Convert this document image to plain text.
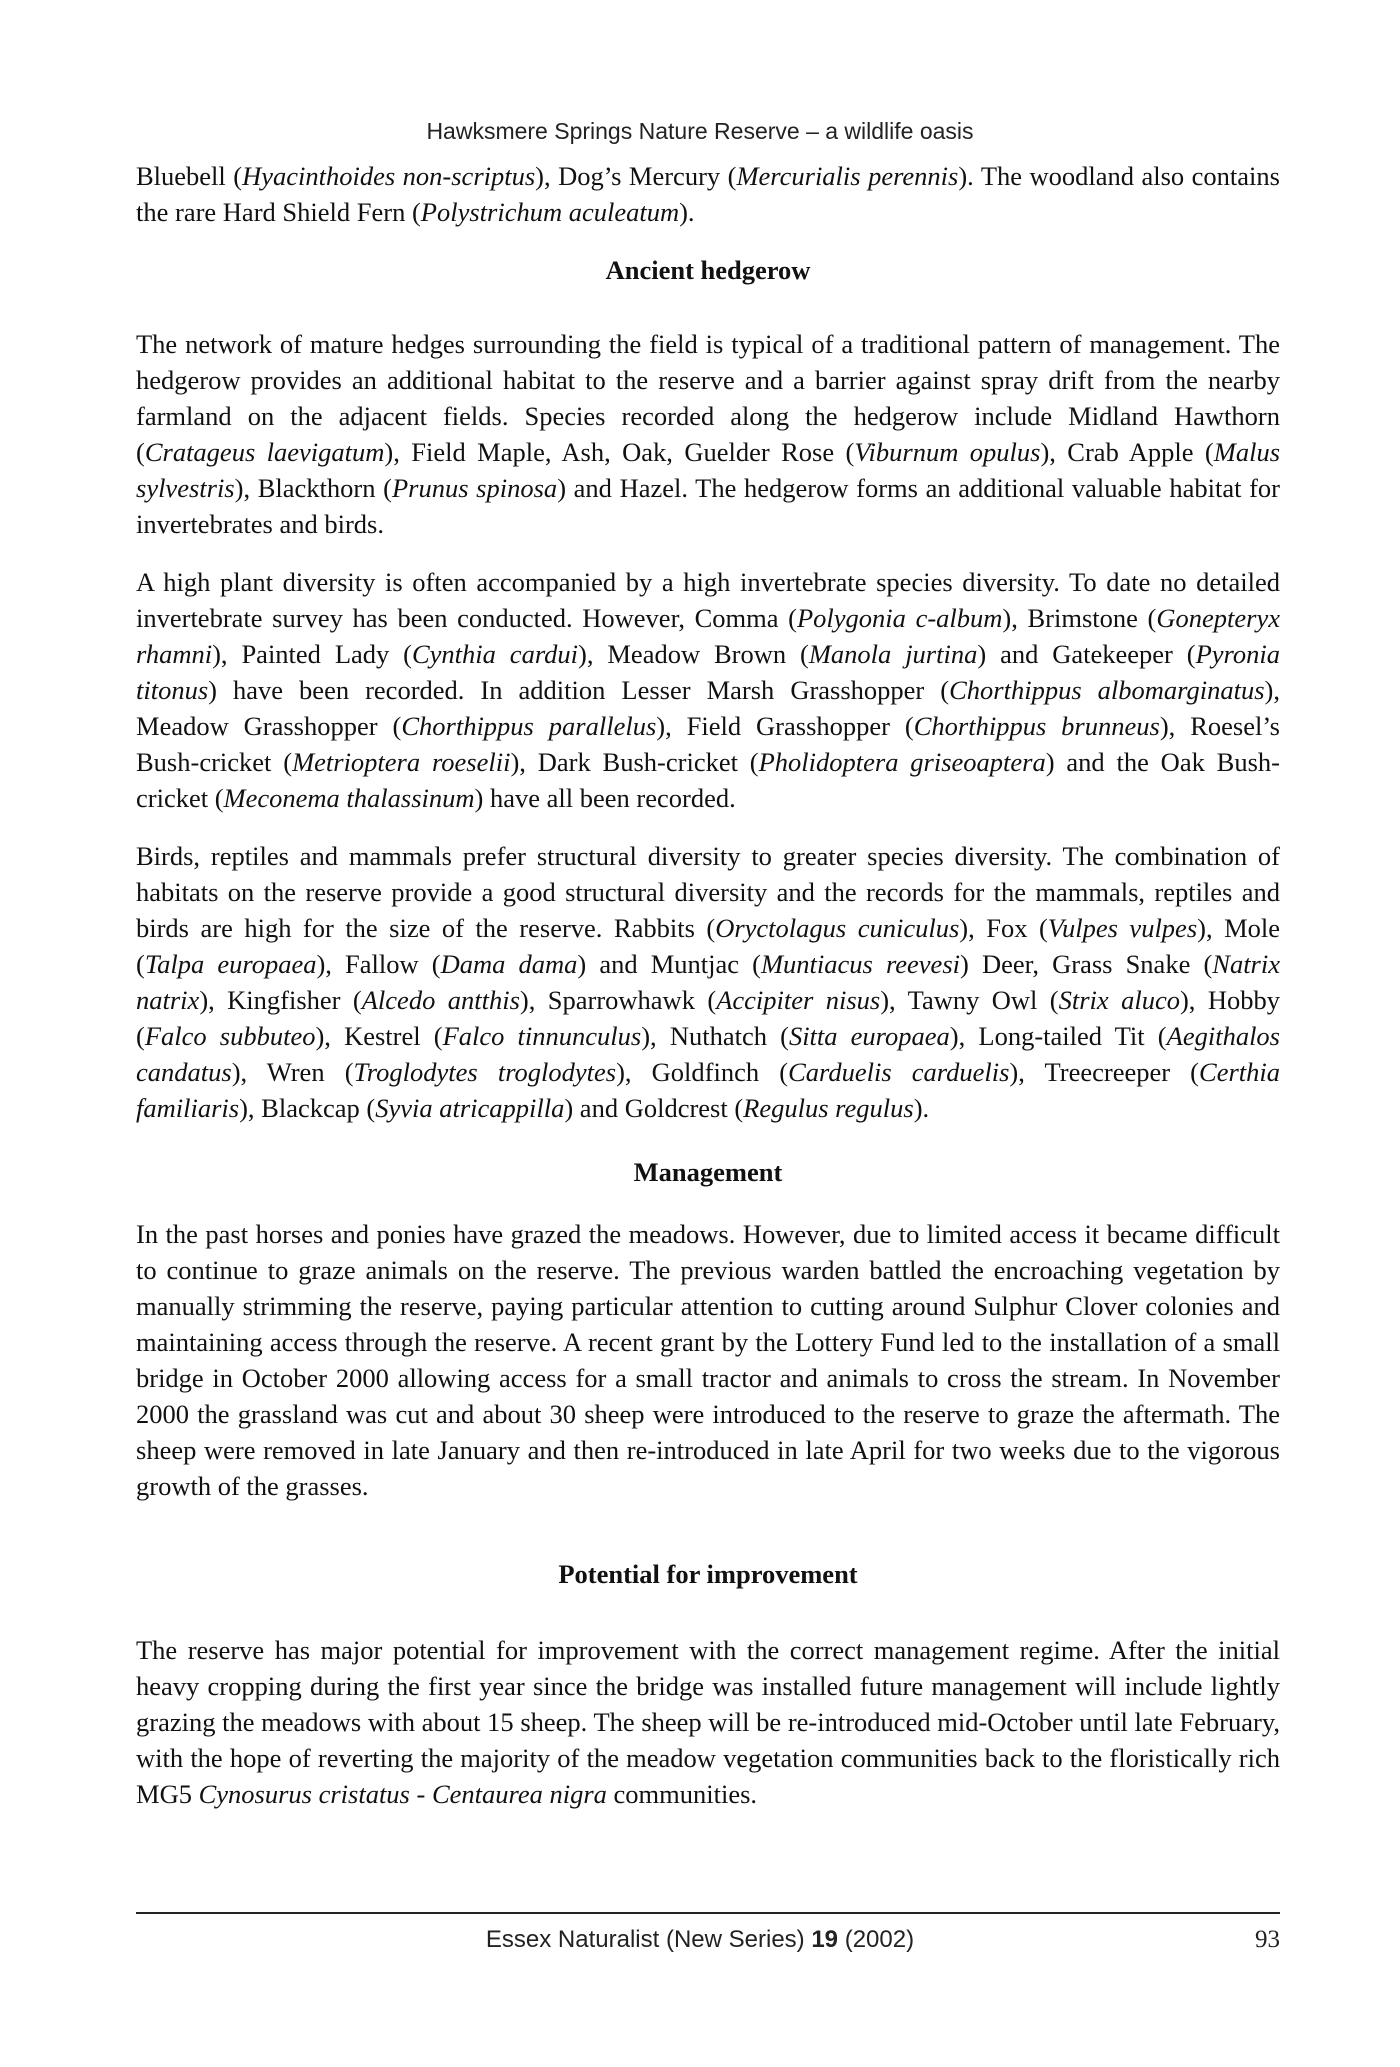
Hawksmere Springs Nature Reserve – a wildlife oasis

Bluebell (Hyacinthoides non-scriptus), Dog’s Mercury (Mercurialis perennis). The woodland also contains the rare Hard Shield Fern (Polystrichum aculeatum).

Ancient hedgerow

The network of mature hedges surrounding the field is typical of a traditional pattern of management. The hedgerow provides an additional habitat to the reserve and a barrier against spray drift from the nearby farmland on the adjacent fields. Species recorded along the hedgerow include Midland Hawthorn (Cratageus laevigatum), Field Maple, Ash, Oak, Guelder Rose (Viburnum opulus), Crab Apple (Malus sylvestris), Blackthorn (Prunus spinosa) and Hazel. The hedgerow forms an additional valuable habitat for invertebrates and birds.

A high plant diversity is often accompanied by a high invertebrate species diversity. To date no detailed invertebrate survey has been conducted. However, Comma (Polygonia c-album), Brimstone (Gonepteryx rhamni), Painted Lady (Cynthia cardui), Meadow Brown (Manola jurtina) and Gatekeeper (Pyronia titonus) have been recorded. In addition Lesser Marsh Grasshopper (Chorthippus albomarginatus), Meadow Grasshopper (Chorthippus parallelus), Field Grasshopper (Chorthippus brunneus), Roesel’s Bush-cricket (Metrioptera roeselii), Dark Bush-cricket (Pholidoptera griseoaptera) and the Oak Bush-cricket (Meconema thalassinum) have all been recorded.

Birds, reptiles and mammals prefer structural diversity to greater species diversity. The combination of habitats on the reserve provide a good structural diversity and the records for the mammals, reptiles and birds are high for the size of the reserve. Rabbits (Oryctolagus cuniculus), Fox (Vulpes vulpes), Mole (Talpa europaea), Fallow (Dama dama) and Muntjac (Muntiacus reevesi) Deer, Grass Snake (Natrix natrix), Kingfisher (Alcedo antthis), Sparrowhawk (Accipiter nisus), Tawny Owl (Strix aluco), Hobby (Falco subbuteo), Kestrel (Falco tinnunculus), Nuthatch (Sitta europaea), Long-tailed Tit (Aegithalos candatus), Wren (Troglodytes troglodytes), Goldfinch (Carduelis carduelis), Treecreeper (Certhia familiaris), Blackcap (Syvia atricappilla) and Goldcrest (Regulus regulus).

Management

In the past horses and ponies have grazed the meadows. However, due to limited access it became difficult to continue to graze animals on the reserve. The previous warden battled the encroaching vegetation by manually strimming the reserve, paying particular attention to cutting around Sulphur Clover colonies and maintaining access through the reserve. A recent grant by the Lottery Fund led to the installation of a small bridge in October 2000 allowing access for a small tractor and animals to cross the stream. In November 2000 the grassland was cut and about 30 sheep were introduced to the reserve to graze the aftermath. The sheep were removed in late January and then re-introduced in late April for two weeks due to the vigorous growth of the grasses.

Potential for improvement

The reserve has major potential for improvement with the correct management regime. After the initial heavy cropping during the first year since the bridge was installed future management will include lightly grazing the meadows with about 15 sheep. The sheep will be re-introduced mid-October until late February, with the hope of reverting the majority of the meadow vegetation communities back to the floristically rich MG5 Cynosurus cristatus - Centaurea nigra communities.

Essex Naturalist (New Series) 19 (2002)	93
